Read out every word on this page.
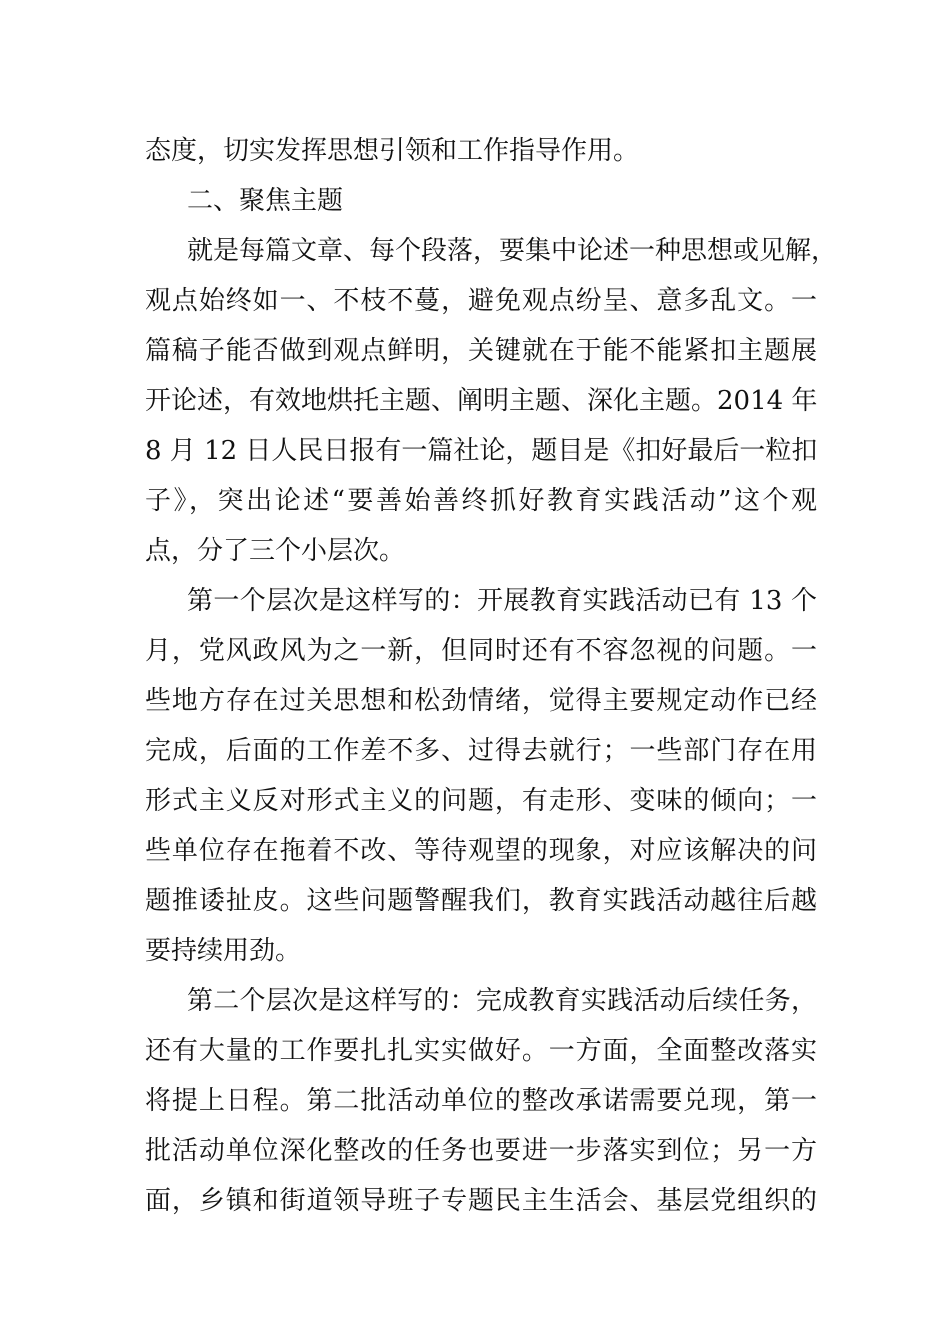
态度，切实发挥思想引领和工作指导作用。
二、聚焦主题
就是每篇文章、每个段落，要集中论述一种思想或见解，
观点始终如一、不枝不蔓，避免观点纷呈、意多乱文。一
篇稿子能否做到观点鲜明，关键就在于能不能紧扣主题展
开论述，有效地烘托主题、阐明主题、深化主题。2014 年
8 月 12 日人民日报有一篇社论，题目是《扣好最后一粒扣
子》，突出论述“要善始善终抓好教育实践活动”这个观
点，分了三个小层次。
第一个层次是这样写的：开展教育实践活动已有 13 个
月，党风政风为之一新，但同时还有不容忽视的问题。一
些地方存在过关思想和松劲情绪，觉得主要规定动作已经
完成，后面的工作差不多、过得去就行；一些部门存在用
形式主义反对形式主义的问题，有走形、变味的倾向；一
些单位存在拖着不改、等待观望的现象，对应该解决的问
题推诿扯皮。这些问题警醒我们，教育实践活动越往后越
要持续用劲。
第二个层次是这样写的：完成教育实践活动后续任务，
还有大量的工作要扎扎实实做好。一方面，全面整改落实
将提上日程。第二批活动单位的整改承诺需要兑现，第一
批活动单位深化整改的任务也要进一步落实到位；另一方
面，乡镇和街道领导班子专题民主生活会、基层党组织的
